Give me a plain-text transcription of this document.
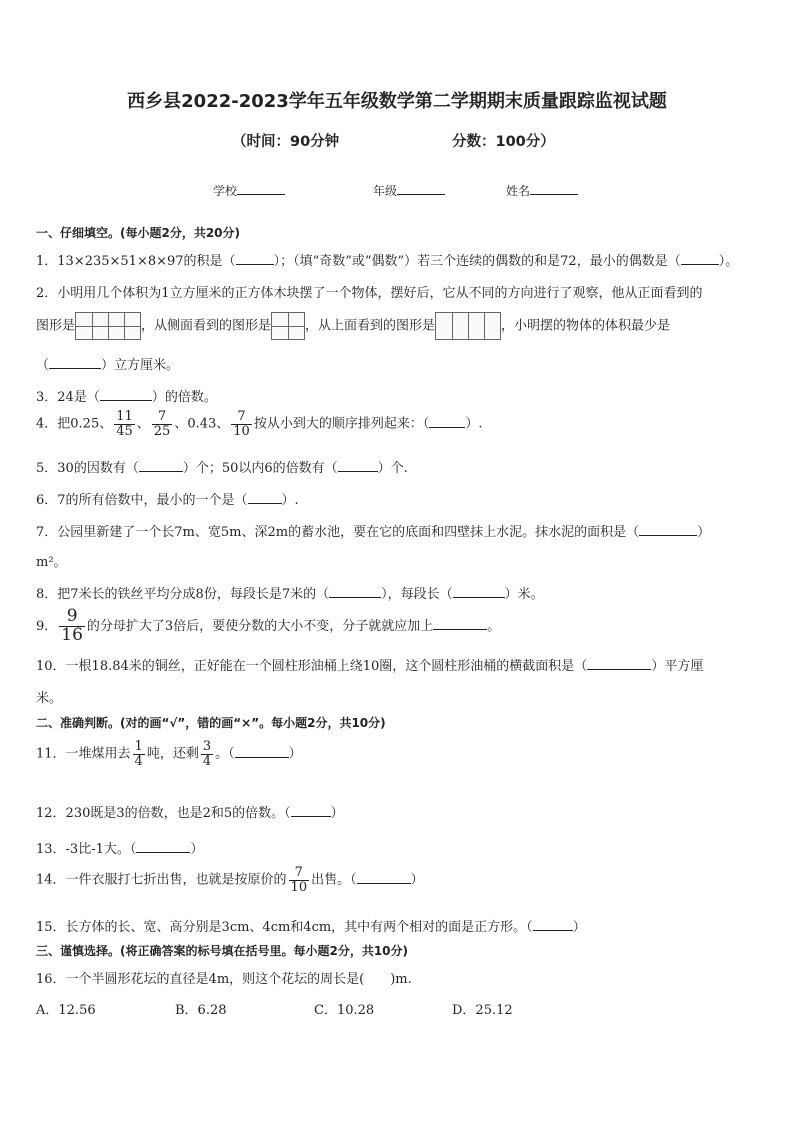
西乡县2022-2023学年五年级数学第二学期期末质量跟踪监视试题
（时间：90分钟	分数：100分）
学校	年级	姓名
一、仔细填空。(每小题2分，共20分)
1．13×235×51×8×97的积是（	）；（填“奇数”或“偶数”）若三个连续的偶数的和是72，最小的偶数是（	）。
2．小明用几个体积为1立方厘米的正方体木块摆了一个物体，摆好后，它从不同的方向进行了观察，他从正面看到的
图形是	，从侧面看到的图形是	，从上面看到的图形是	，小明摆的物体的体积最少是
（	）立方厘米。
3．24是（	）的倍数。
4．把0.25、 $\frac{11}{45}$ 、 $\frac{7}{25}$ 、0.43、 $\frac{7}{10}$ 按从小到大的顺序排列起来：（	）.
5．30的因数有（	）个；50以内6的倍数有（	）个.
6．7的所有倍数中，最小的一个是（	）.
7．公园里新建了一个长7m、宽5m、深2m的蓄水池，要在它的底面和四壁抹上水泥。抹水泥的面积是（	）
m²。
8．把7米长的铁丝平均分成8份，每段长是7米的（	），每段长（	）米。
9． $\frac{9}{16}$ 的分母扩大了3倍后，要使分数的大小不变，分子就就应加上	。
10．一根18.84米的铜丝，正好能在一个圆柱形油桶上绕10圈，这个圆柱形油桶的横截面积是（	）平方厘
米。
二、准确判断。(对的画“√”，错的画“×”。每小题2分，共10分)
11．一堆煤用去 $\frac{1}{4}$ 吨，还剩 $\frac{3}{4}$ 。（	）
12．230既是3的倍数，也是2和5的倍数。（	）
13．-3比-1大。（	）
14．一件衣服打七折出售，也就是按原价的 $\frac{7}{10}$ 出售。（	）
15．长方体的长、宽、高分别是3cm、4cm和4cm，其中有两个相对的面是正方形。（	）
三、谨慎选择。(将正确答案的标号填在括号里。每小题2分，共10分)
16．一个半圆形花坛的直径是4m，则这个花坛的周长是(　　)m.
A．12.56	B．6.28	C．10.28	D．25.12
